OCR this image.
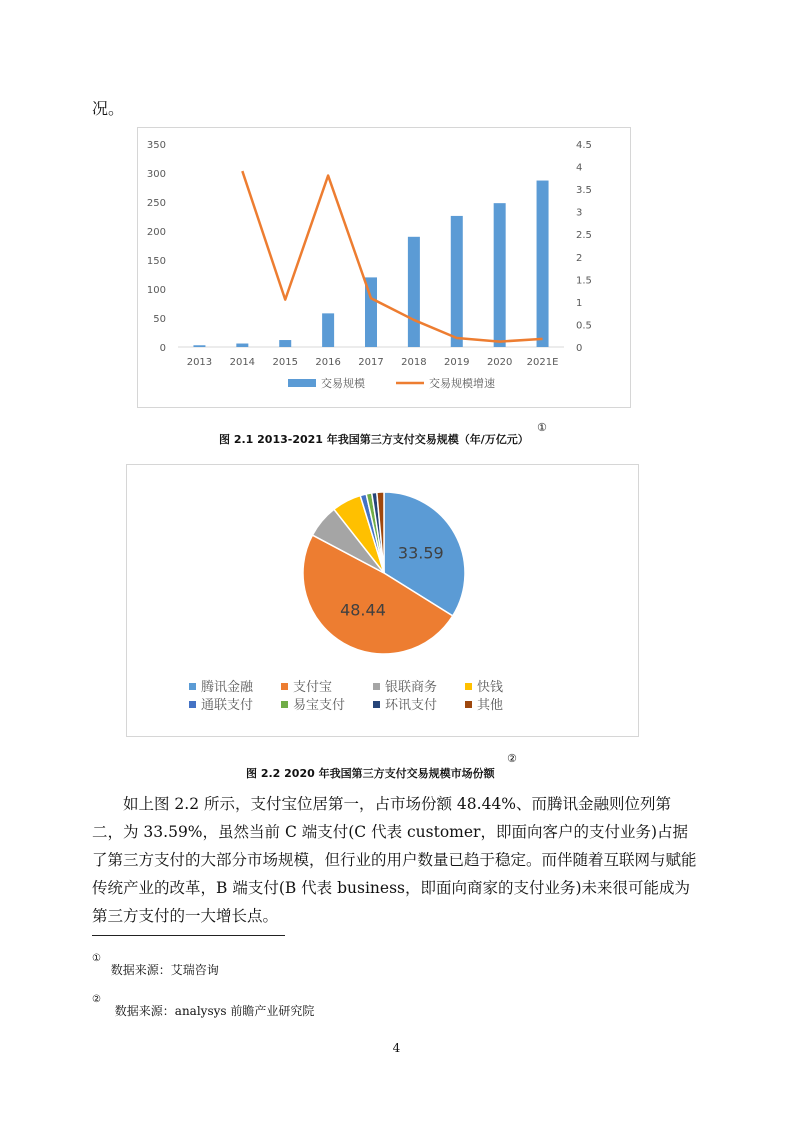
况。
0
50
100
150
200
250
300
350
0
0.5
1
1.5
2
2.5
3
3.5
4
4.5
2013 2014 2015 2016 2017 2018 2019 2020 2021E
交易规模	交易规模增速
图 2.1 2013-2021 年我国第三方支付交易规模（年/万亿元）
①
33.59
48.44
腾讯金融	支付宝	银联商务	快钱
通联支付	易宝支付	环讯支付	其他
图 2.2 2020 年我国第三方支付交易规模市场份额
②

如上图 2.2 所示，支付宝位居第一，占市场份额 48.44%、而腾讯金融则位列第二，为 33.59%，虽然当前 C 端支付(C 代表 customer，即面向客户的支付业务)占据了第三方支付的大部分市场规模，但行业的用户数量已趋于稳定。而伴随着互联网与赋能传统产业的改革，B 端支付(B 代表 business，即面向商家的支付业务)未来很可能成为第三方支付的一大增长点。

① 数据来源：艾瑞咨询
② 数据来源：analysys 前瞻产业研究院
4
